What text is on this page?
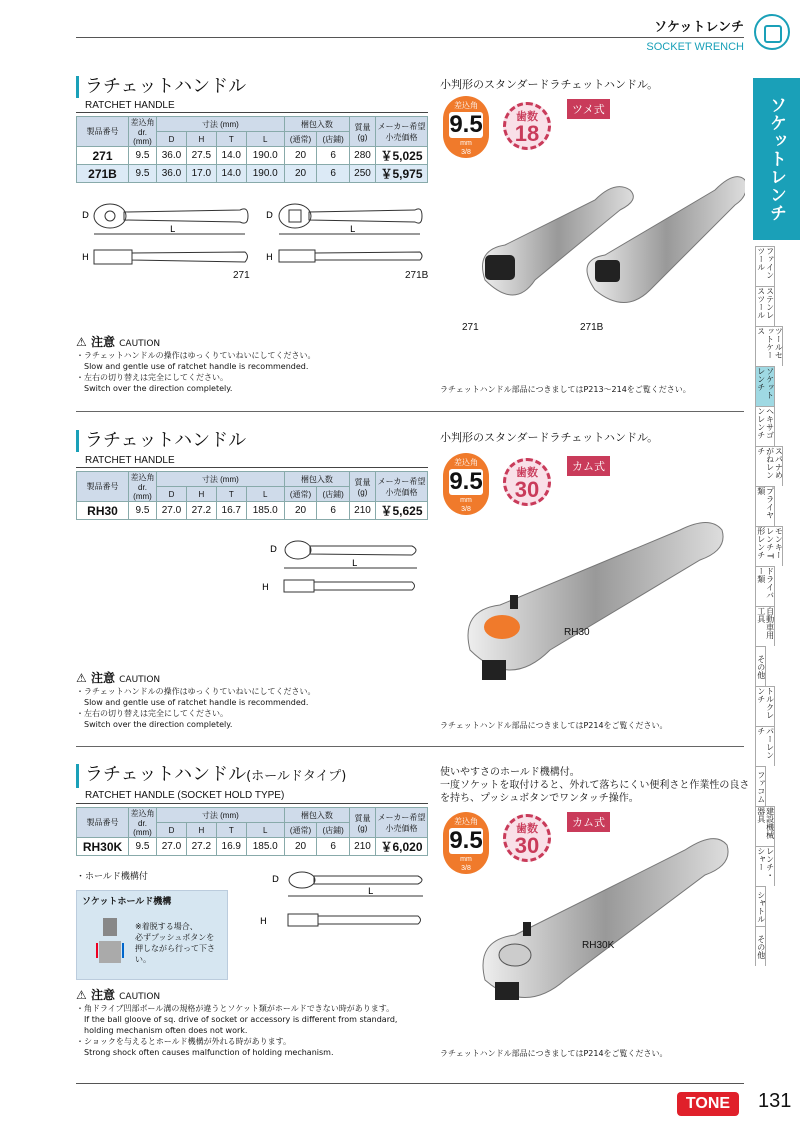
ソケットレンチ
SOCKET WRENCH
ソケットレンチ
ファインツール
ステンレスツール
ツールセットケース
ソケットレンチ
ヘキサゴンレンチ
スパナめがねレンチ
プライヤ類
モンキーレンチ T形レンチ
ドライバー類
自動車用工具
その他
トルクレンチ
パーレンチ
ファコム
建設機械器具
レンチ・シャー
シャトル
その他
ラチェットハンドル
RATCHET HANDLE
製品番号	差込角
dr.
(mm)	寸法 (mm)				梱包入数		質量
(g)	メーカー希望
小売価格
		D	H	T	L	(通常)	(店鋪)		
271	9.5	36.0	27.5	14.0	190.0	20	6	280	￥5,025
271B	9.5	36.0	17.0	14.0	190.0	20	6	250	￥5,975
D
L
H
D
L
H
271	271B
⚠ 注意 CAUTION
・ラチェットハンドルの操作はゆっくりていねいにしてください。
Slow and gentle use of ratchet handle is recommended.
・左右の切り替えは完全にしてください。
Switch over the direction completely.
小判形のスタンダードラチェットハンドル。
差込角
9.5
mm
3/8
歯数
18
ツメ式
271	271B
ラチェットハンドル部品につきましてはP213～214をご覧ください。
ラチェットハンドル
RATCHET HANDLE
製品番号	差込角
dr.
(mm)	寸法 (mm)				梱包入数		質量
(g)	メーカー希望
小売価格
		D	H	T	L	(通常)	(店鋪)		
RH30	9.5	27.0	27.2	16.7	185.0	20	6	210	￥5,625
D
L
H
⚠ 注意 CAUTION
・ラチェットハンドルの操作はゆっくりていねいにしてください。
Slow and gentle use of ratchet handle is recommended.
・左右の切り替えは完全にしてください。
Switch over the direction completely.
小判形のスタンダードラチェットハンドル。
差込角
9.5
mm
3/8
歯数
30
カム式
RH30
ラチェットハンドル部品につきましてはP214をご覧ください。
ラチェットハンドル(ホールドタイプ)
RATCHET HANDLE (SOCKET HOLD TYPE)
製品番号	差込角
dr.
(mm)	寸法 (mm)				梱包入数		質量
(g)	メーカー希望
小売価格
		D	H	T	L	(通常)	(店鋪)		
RH30K	9.5	27.0	27.2	16.9	185.0	20	6	210	￥6,020
・ホールド機構付
ソケットホールド機構
※着脱する場合、
必ずプッシュボタンを
押しながら行って下さい。
D
L
H
⚠ 注意 CAUTION
・角ドライブ凹部ボール溝の規格が違うとソケット類がホールドできない時があります。
If the ball gloove of sq. drive of socket or accessory is different from standard,
holding mechanism often does not work.
・ショックを与えるとホールド機構が外れる時があります。
Strong shock often causes malfunction of holding mechanism.
使いやすさのホールド機構付。
一度ソケットを取付けると、外れて落ちにくい便利さと作業性の良さを持ち、プッシュボタンでワンタッチ操作。
差込角
9.5
mm
3/8
歯数
30
カム式
RH30K
ラチェットハンドル部品につきましてはP214をご覧ください。
TONE	131
